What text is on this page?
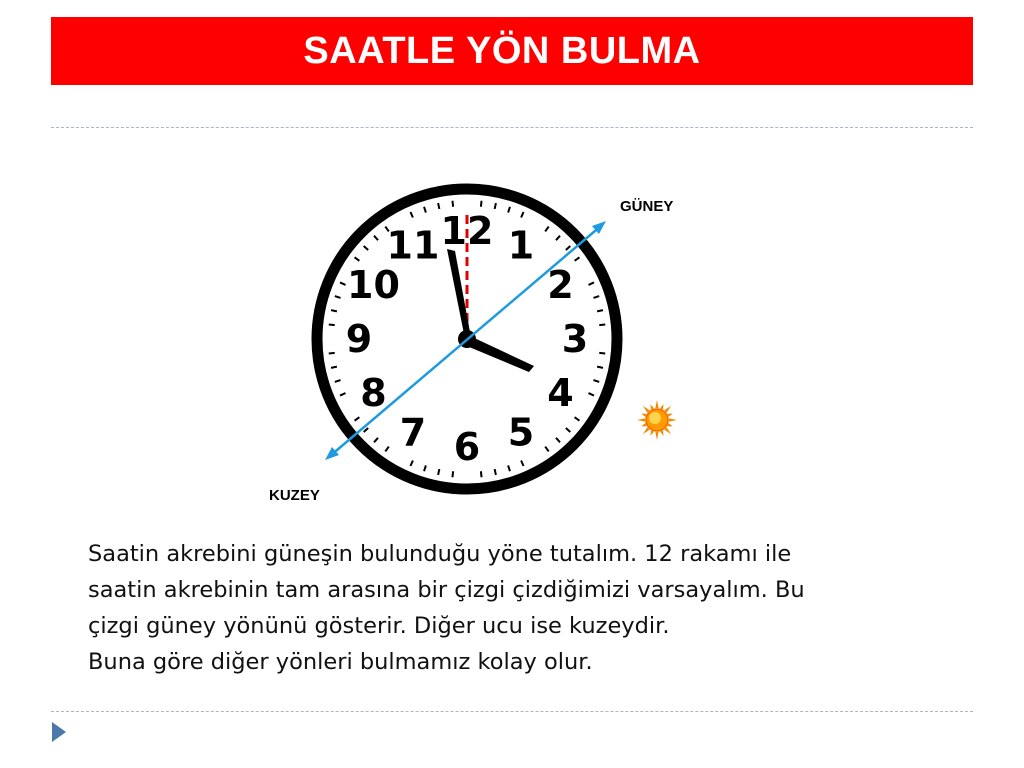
SAATLE YÖN BULMA
12 1
2
3
4
5
6
7
8
9
10
11
GÜNEY
KUZEY
Saatin akrebini güneşin bulunduğu yöne tutalım. 12 rakamı ile
saatin akrebinin tam arasına bir çizgi çizdiğimizi varsayalım. Bu
çizgi güney yönünü gösterir. Diğer ucu ise kuzeydir.
Buna göre diğer yönleri bulmamız kolay olur.
